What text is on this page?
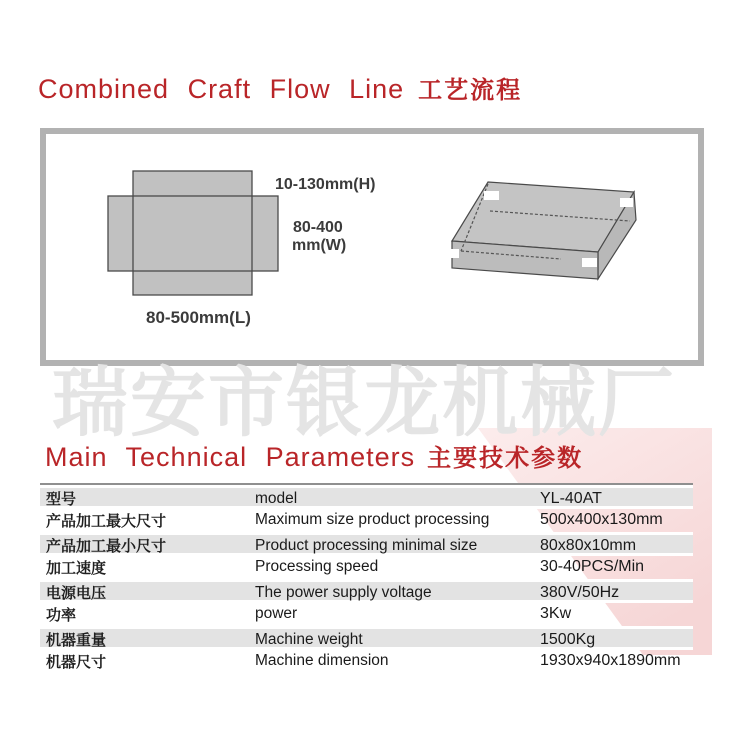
Combined Craft Flow Line 工艺流程
10-130mm(H)
80-400
mm(W)
80-500mm(L)
瑞安市银龙机械厂
Main Technical Parameters 主要技术参数
型号	model	YL-40AT
产品加工最大尺寸	Maximum size product processing	500x400x130mm
产品加工最小尺寸	Product processing minimal size	80x80x10mm
加工速度	Processing speed	30-40PCS/Min
电源电压	The power supply voltage	380V/50Hz
功率	power	3Kw
机器重量	Machine weight	1500Kg
机器尺寸	Machine dimension	1930x940x1890mm
